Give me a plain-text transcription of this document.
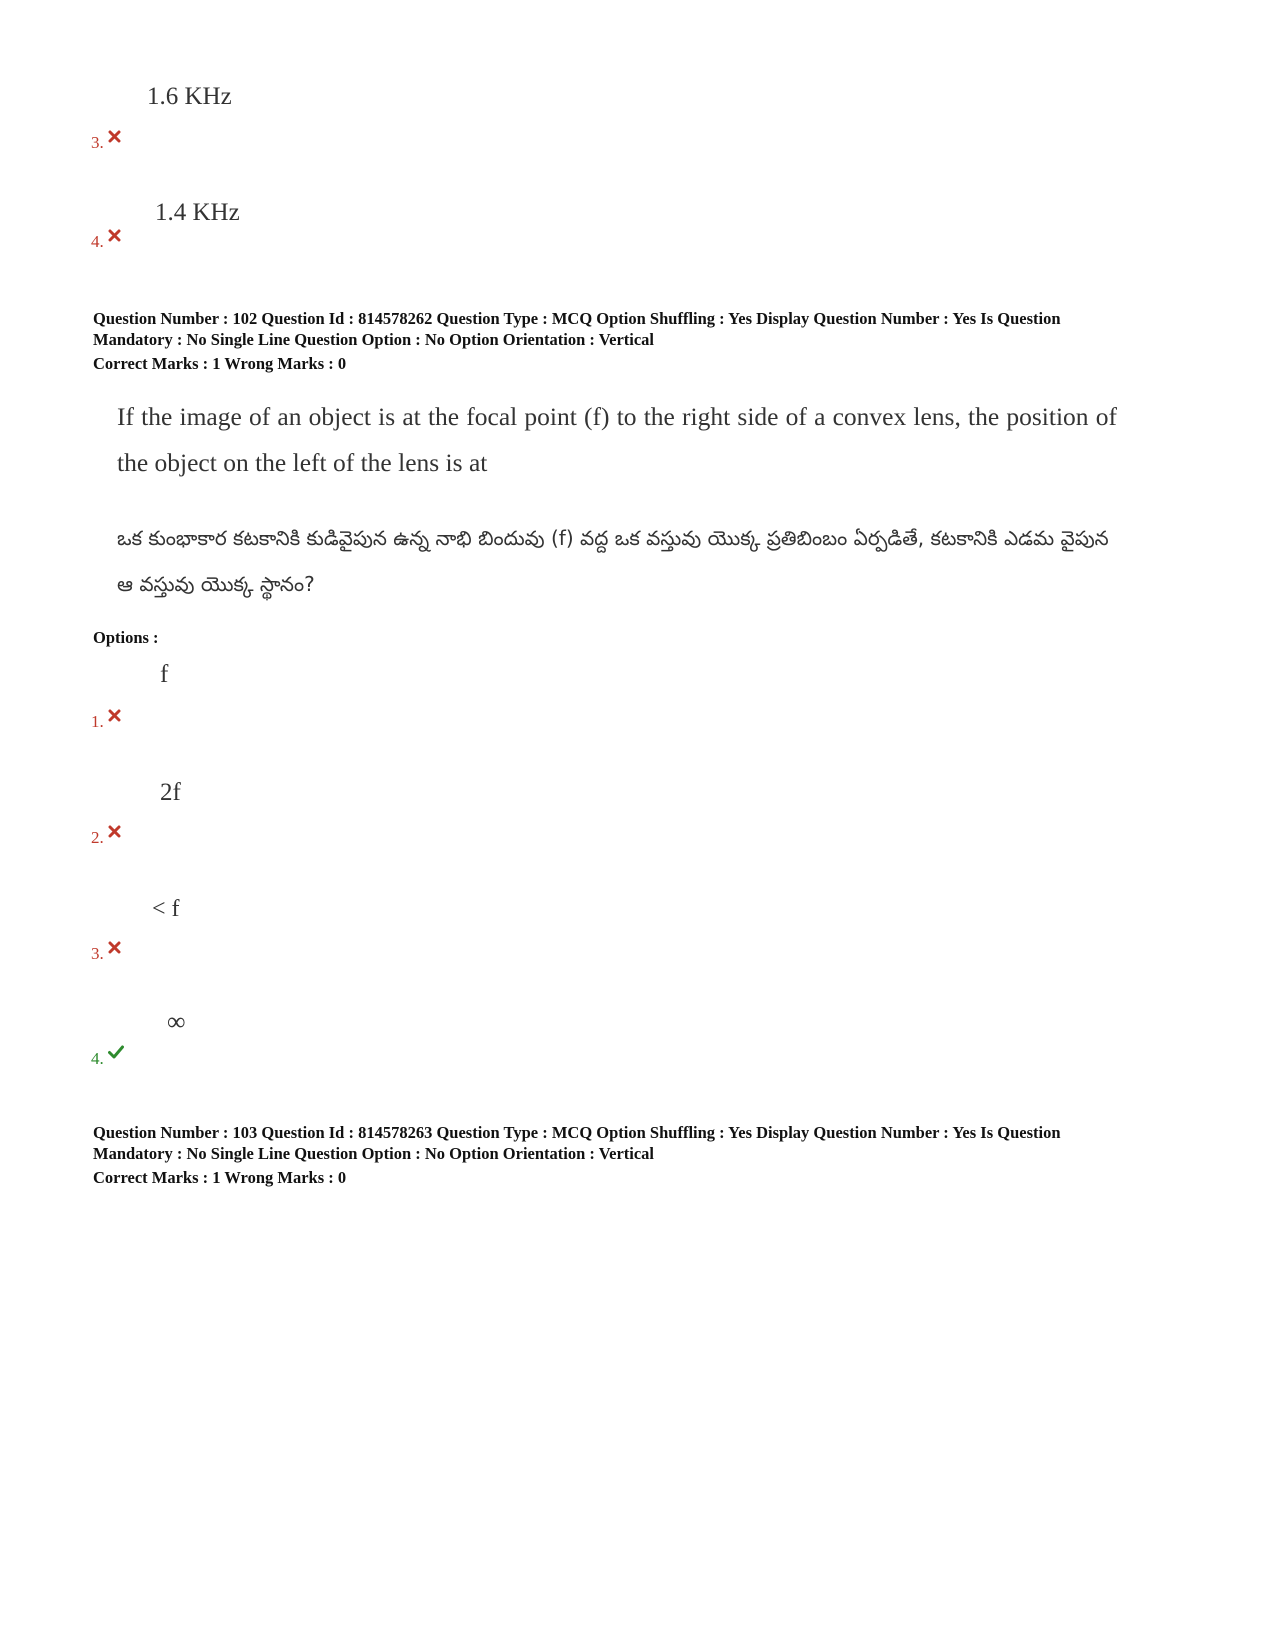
1.6 KHz
3.
1.4 KHz
4.
Question Number : 102 Question Id : 814578262 Question Type : MCQ Option Shuffling : Yes Display Question Number : Yes Is Question
Mandatory : No Single Line Question Option : No Option Orientation : Vertical
Correct Marks : 1 Wrong Marks : 0
If the image of an object is at the focal point (f) to the right side of a convex lens, the position of the object on the left of the lens is at
ఒక కుంభాకార కటకానికి కుడివైపున ఉన్న నాభి బిందువు (f) వద్ద ఒక వస్తువు యొక్క ప్రతిబింబం ఏర్పడితే, కటకానికి ఎడమ వైపున ఆ వస్తువు యొక్క స్థానం?
Options :
f
1.
2f
2.
< f
3.
∞
4.
Question Number : 103 Question Id : 814578263 Question Type : MCQ Option Shuffling : Yes Display Question Number : Yes Is Question
Mandatory : No Single Line Question Option : No Option Orientation : Vertical
Correct Marks : 1 Wrong Marks : 0
